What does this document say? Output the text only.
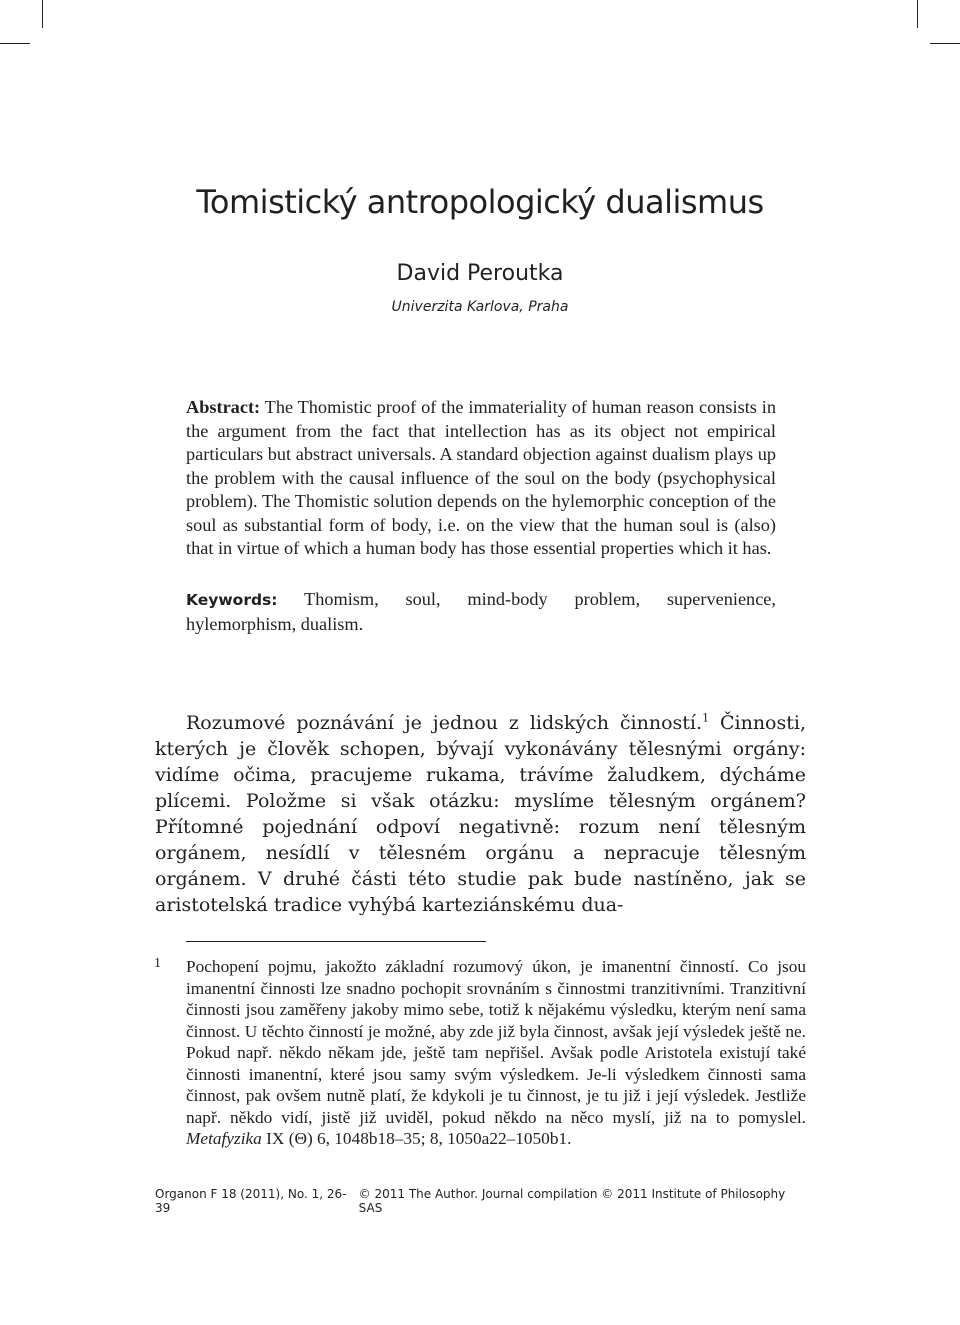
Tomistický antropologický dualismus
David Peroutka
Univerzita Karlova, Praha

Abstract: The Thomistic proof of the immateriality of human reason consists in the argument from the fact that intellection has as its object not empirical particulars but abstract universals. A standard objection against dualism plays up the problem with the causal influence of the soul on the body (psychophysical problem). The Thomistic solution depends on the hylemorphic conception of the soul as substantial form of body, i.e. on the view that the human soul is (also) that in virtue of which a human body has those essential properties which it has.

Keywords: Thomism, soul, mind-body problem, supervenience, hylemorphism, dualism.

Rozumové poznávání je jednou z lidských činností.$^1$ Činnosti, kterých je člověk schopen, bývají vykonávány tělesnými orgány: vidíme očima, pracujeme rukama, trávíme žaludkem, dýcháme plícemi. Položme si však otázku: myslíme tělesným orgánem? Přítomné pojednání odpoví negativně: rozum není tělesným orgánem, nesídlí v tělesném orgánu a nepracuje tělesným orgánem. V druhé části této studie pak bude nastíněno, jak se aristotelská tradice vyhýbá karteziánskému dua-

1 Pochopení pojmu, jakožto základní rozumový úkon, je imanentní činností. Co jsou imanentní činnosti lze snadno pochopit srovnáním s činnostmi tranzitivními. Tranzitivní činnosti jsou zaměřeny jakoby mimo sebe, totiž k nějakému výsledku, kterým není sama činnost. U těchto činností je možné, aby zde již byla činnost, avšak její výsledek ještě ne. Pokud např. někdo někam jde, ještě tam nepřišel. Avšak podle Aristotela existují také činnosti imanentní, které jsou samy svým výsledkem. Je-li výsledkem činnosti sama činnost, pak ovšem nutně platí, že kdykoli je tu činnost, je tu již i její výsledek. Jestliže např. někdo vidí, jistě již uviděl, pokud někdo na něco myslí, již na to pomyslel. Metafyzika IX (Θ) 6, 1048b18–35; 8, 1050a22–1050b1.

Organon F 18 (2011), No. 1, 26-39
© 2011 The Author. Journal compilation © 2011 Institute of Philosophy SAS
